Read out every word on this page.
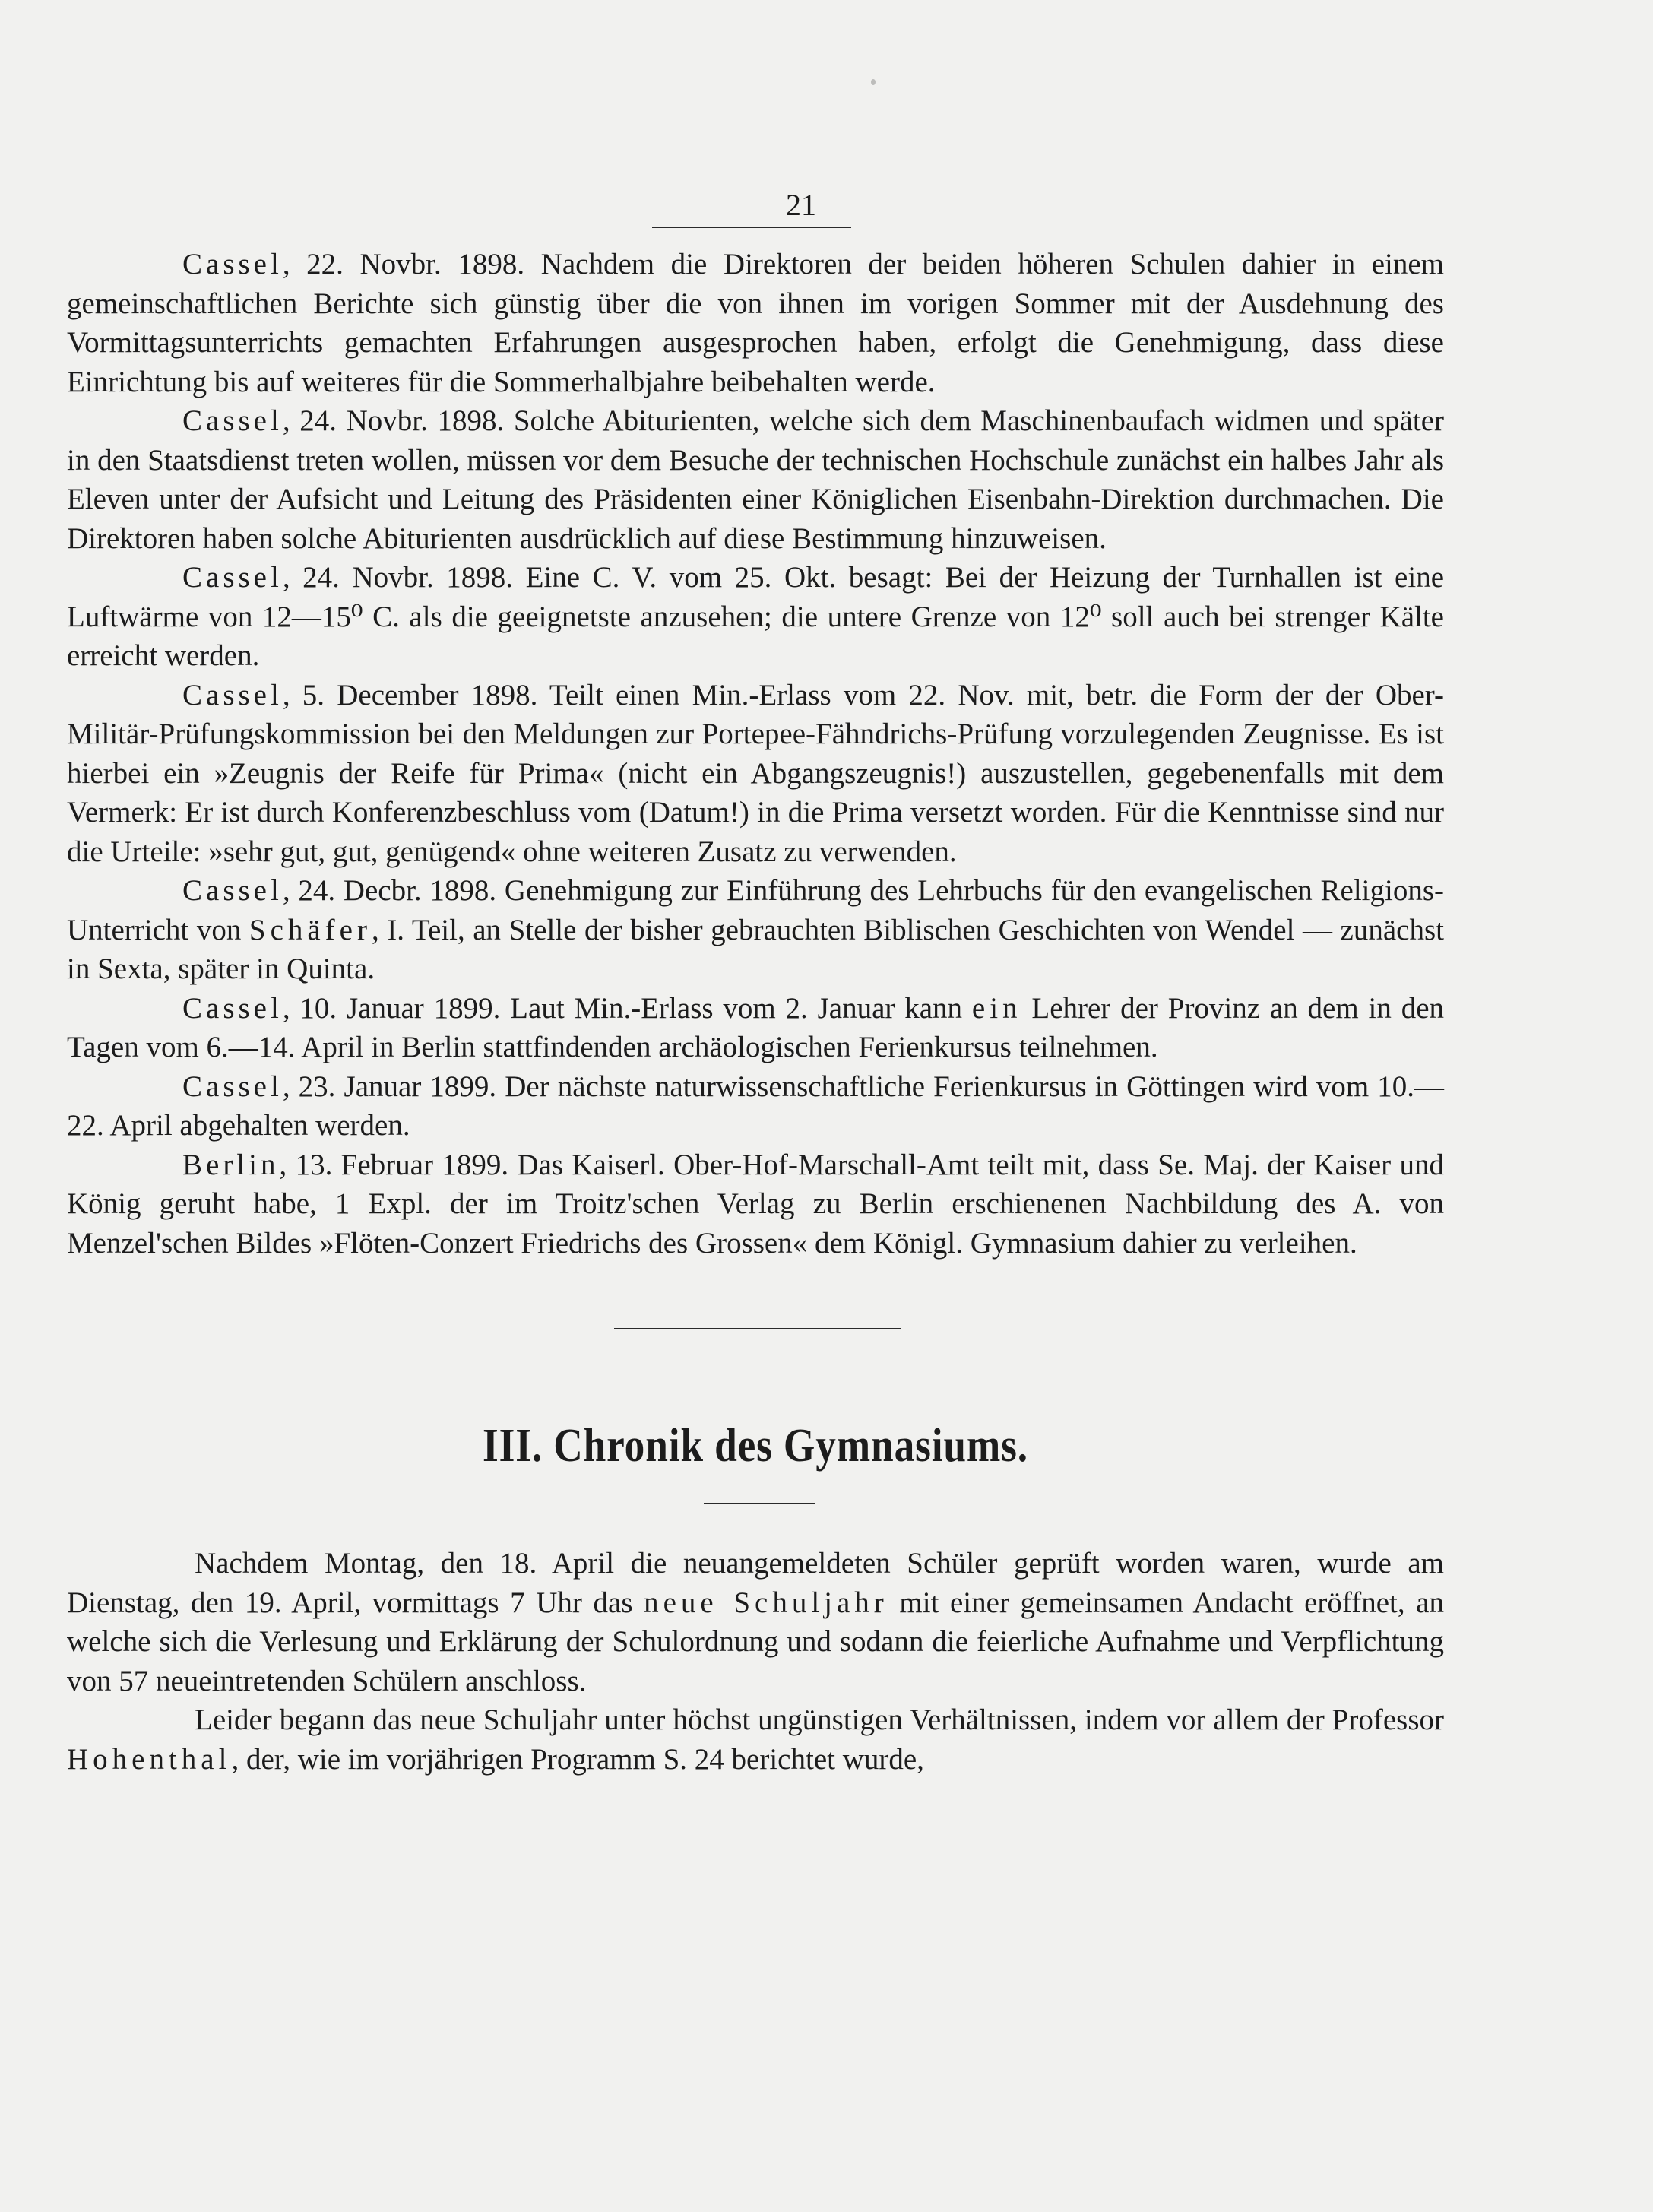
21

Cassel, 22. Novbr. 1898. Nachdem die Direktoren der beiden höheren Schulen dahier in einem gemeinschaftlichen Berichte sich günstig über die von ihnen im vorigen Sommer mit der Ausdehnung des Vormittagsunterrichts gemachten Erfahrungen ausgesprochen haben, erfolgt die Genehmigung, dass diese Einrichtung bis auf weiteres für die Sommerhalbjahre beibehalten werde.

Cassel, 24. Novbr. 1898. Solche Abiturienten, welche sich dem Maschinenbaufach widmen und später in den Staatsdienst treten wollen, müssen vor dem Besuche der technischen Hochschule zunächst ein halbes Jahr als Eleven unter der Aufsicht und Leitung des Präsidenten einer Königlichen Eisenbahn-Direktion durchmachen. Die Direktoren haben solche Abiturienten ausdrücklich auf diese Bestimmung hinzuweisen.

Cassel, 24. Novbr. 1898. Eine C. V. vom 25. Okt. besagt: Bei der Heizung der Turnhallen ist eine Luftwärme von 12—15⁰ C. als die geeignetste anzusehen; die untere Grenze von 12⁰ soll auch bei strenger Kälte erreicht werden.

Cassel, 5. December 1898. Teilt einen Min.-Erlass vom 22. Nov. mit, betr. die Form der der Ober-Militär-Prüfungskommission bei den Meldungen zur Portepee-Fähndrichs-Prüfung vorzulegenden Zeugnisse. Es ist hierbei ein »Zeugnis der Reife für Prima« (nicht ein Abgangszeugnis!) auszustellen, gegebenenfalls mit dem Vermerk: Er ist durch Konferenzbeschluss vom (Datum!) in die Prima versetzt worden. Für die Kenntnisse sind nur die Urteile: »sehr gut, gut, genügend« ohne weiteren Zusatz zu verwenden.

Cassel, 24. Decbr. 1898. Genehmigung zur Einführung des Lehrbuchs für den evangelischen Religions-Unterricht von Schäfer, I. Teil, an Stelle der bisher gebrauchten Biblischen Geschichten von Wendel — zunächst in Sexta, später in Quinta.

Cassel, 10. Januar 1899. Laut Min.-Erlass vom 2. Januar kann ein Lehrer der Provinz an dem in den Tagen vom 6.—14. April in Berlin stattfindenden archäologischen Ferienkursus teilnehmen.

Cassel, 23. Januar 1899. Der nächste naturwissenschaftliche Ferienkursus in Göttingen wird vom 10.—22. April abgehalten werden.

Berlin, 13. Februar 1899. Das Kaiserl. Ober-Hof-Marschall-Amt teilt mit, dass Se. Maj. der Kaiser und König geruht habe, 1 Expl. der im Troitz'schen Verlag zu Berlin erschienenen Nachbildung des A. von Menzel'schen Bildes »Flöten-Conzert Friedrichs des Grossen« dem Königl. Gymnasium dahier zu verleihen.

III. Chronik des Gymnasiums.

Nachdem Montag, den 18. April die neuangemeldeten Schüler geprüft worden waren, wurde am Dienstag, den 19. April, vormittags 7 Uhr das neue Schuljahr mit einer gemeinsamen Andacht eröffnet, an welche sich die Verlesung und Erklärung der Schulordnung und sodann die feierliche Aufnahme und Verpflichtung von 57 neueintretenden Schülern anschloss.

Leider begann das neue Schuljahr unter höchst ungünstigen Verhältnissen, indem vor allem der Professor Hohenthal, der, wie im vorjährigen Programm S. 24 berichtet wurde,
